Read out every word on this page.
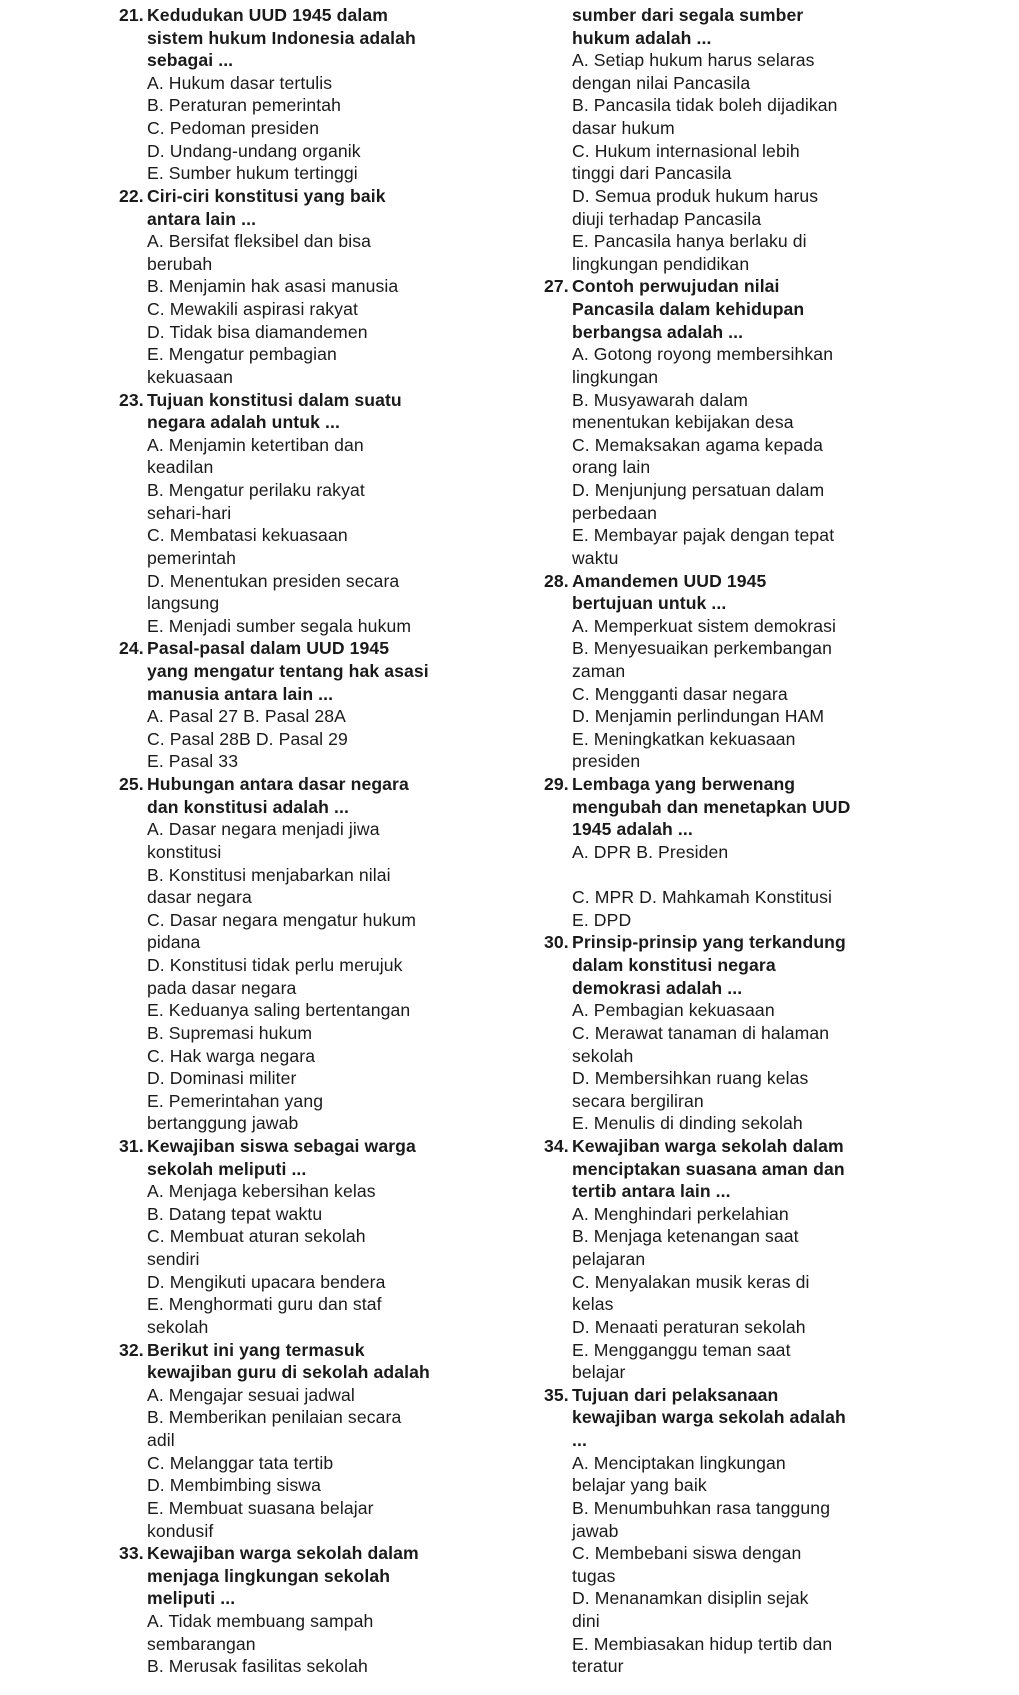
21. Kedudukan UUD 1945 dalam
sistem hukum Indonesia adalah
sebagai ...
A. Hukum dasar tertulis
B. Peraturan pemerintah
C. Pedoman presiden
D. Undang-undang organik
E. Sumber hukum tertinggi
22. Ciri-ciri konstitusi yang baik
antara lain ...
A. Bersifat fleksibel dan bisa
berubah
B. Menjamin hak asasi manusia
C. Mewakili aspirasi rakyat
D. Tidak bisa diamandemen
E. Mengatur pembagian
kekuasaan
23. Tujuan konstitusi dalam suatu
negara adalah untuk ...
A. Menjamin ketertiban dan
keadilan
B. Mengatur perilaku rakyat
sehari-hari
C. Membatasi kekuasaan
pemerintah
D. Menentukan presiden secara
langsung
E. Menjadi sumber segala hukum
24. Pasal-pasal dalam UUD 1945
yang mengatur tentang hak asasi
manusia antara lain ...
A. Pasal 27 B. Pasal 28A
C. Pasal 28B D. Pasal 29
E. Pasal 33
25. Hubungan antara dasar negara
dan konstitusi adalah ...
A. Dasar negara menjadi jiwa
konstitusi
B. Konstitusi menjabarkan nilai
dasar negara
C. Dasar negara mengatur hukum
pidana
D. Konstitusi tidak perlu merujuk
pada dasar negara
E. Keduanya saling bertentangan
B. Supremasi hukum
C. Hak warga negara
D. Dominasi militer
E. Pemerintahan yang
bertanggung jawab
31. Kewajiban siswa sebagai warga
sekolah meliputi ...
A. Menjaga kebersihan kelas
B. Datang tepat waktu
C. Membuat aturan sekolah
sendiri
D. Mengikuti upacara bendera
E. Menghormati guru dan staf
sekolah
32. Berikut ini yang termasuk
kewajiban guru di sekolah adalah
A. Mengajar sesuai jadwal
B. Memberikan penilaian secara
adil
C. Melanggar tata tertib
D. Membimbing siswa
E. Membuat suasana belajar
kondusif
33. Kewajiban warga sekolah dalam
menjaga lingkungan sekolah
meliputi ...
A. Tidak membuang sampah
sembarangan
B. Merusak fasilitas sekolah
sumber dari segala sumber
hukum adalah ...
A. Setiap hukum harus selaras
dengan nilai Pancasila
B. Pancasila tidak boleh dijadikan
dasar hukum
C. Hukum internasional lebih
tinggi dari Pancasila
D. Semua produk hukum harus
diuji terhadap Pancasila
E. Pancasila hanya berlaku di
lingkungan pendidikan
27. Contoh perwujudan nilai
Pancasila dalam kehidupan
berbangsa adalah ...
A. Gotong royong membersihkan
lingkungan
B. Musyawarah dalam
menentukan kebijakan desa
C. Memaksakan agama kepada
orang lain
D. Menjunjung persatuan dalam
perbedaan
E. Membayar pajak dengan tepat
waktu
28. Amandemen UUD 1945
bertujuan untuk ...
A. Memperkuat sistem demokrasi
B. Menyesuaikan perkembangan
zaman
C. Mengganti dasar negara
D. Menjamin perlindungan HAM
E. Meningkatkan kekuasaan
presiden
29. Lembaga yang berwenang
mengubah dan menetapkan UUD
1945 adalah ...
A. DPR B. Presiden
C. MPR D. Mahkamah Konstitusi
E. DPD
30. Prinsip-prinsip yang terkandung
dalam konstitusi negara
demokrasi adalah ...
A. Pembagian kekuasaan
C. Merawat tanaman di halaman
sekolah
D. Membersihkan ruang kelas
secara bergiliran
E. Menulis di dinding sekolah
34. Kewajiban warga sekolah dalam
menciptakan suasana aman dan
tertib antara lain ...
A. Menghindari perkelahian
B. Menjaga ketenangan saat
pelajaran
C. Menyalakan musik keras di
kelas
D. Menaati peraturan sekolah
E. Mengganggu teman saat
belajar
35. Tujuan dari pelaksanaan
kewajiban warga sekolah adalah
...
A. Menciptakan lingkungan
belajar yang baik
B. Menumbuhkan rasa tanggung
jawab
C. Membebani siswa dengan
tugas
D. Menanamkan disiplin sejak
dini
E. Membiasakan hidup tertib dan
teratur
